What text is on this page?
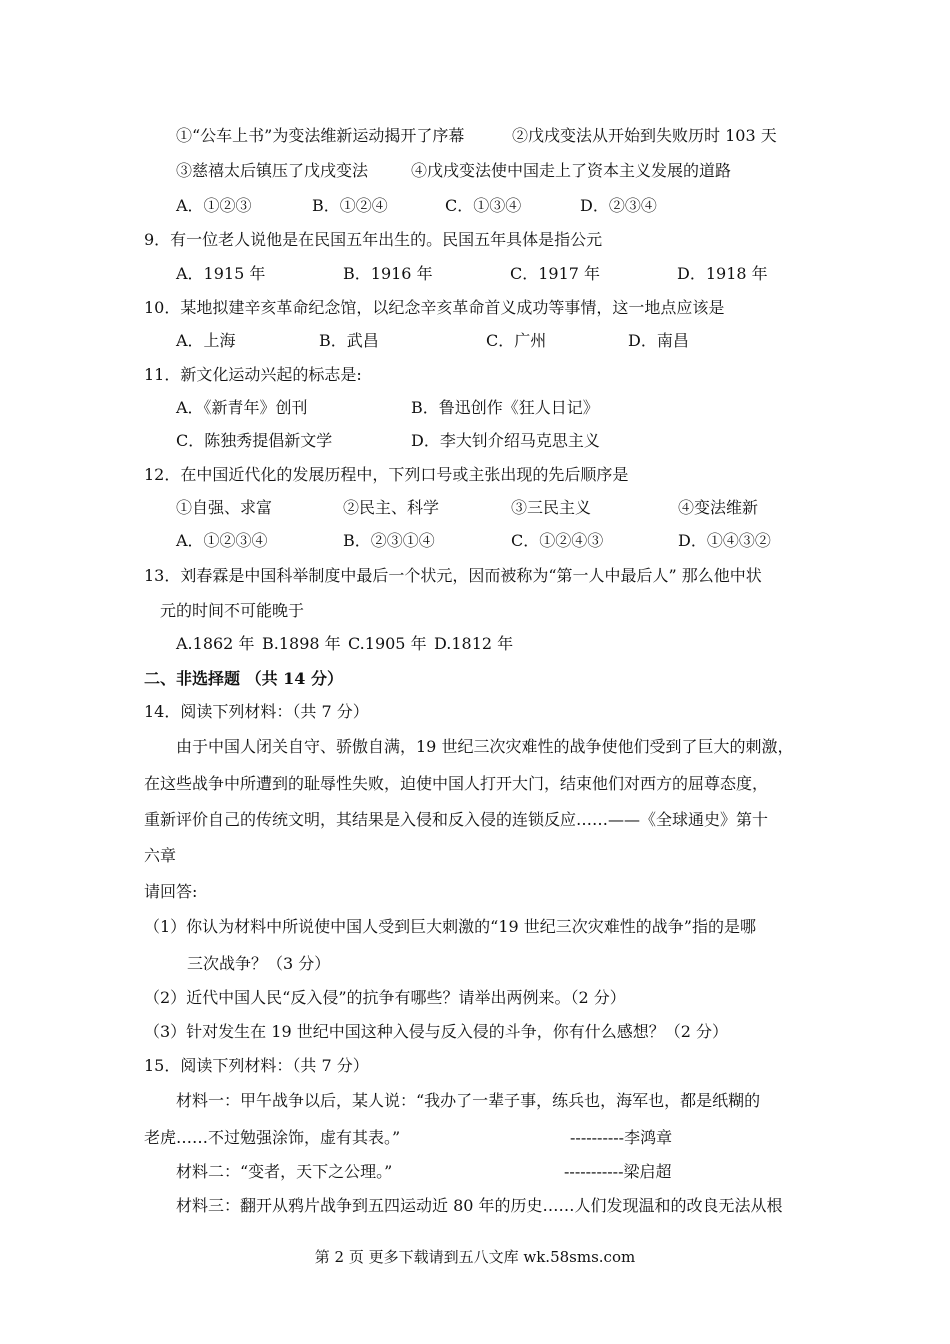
①“公车上书”为变法维新运动揭开了序幕	②戊戌变法从开始到失败历时 103 天
③慈禧太后镇压了戊戌变法	④戊戌变法使中国走上了资本主义发展的道路
A．①②③	B．①②④	C．①③④	D．②③④
9．有一位老人说他是在民国五年出生的。民国五年具体是指公元
A．1915 年	B．1916 年	C．1917 年	D．1918 年
10．某地拟建辛亥革命纪念馆，以纪念辛亥革命首义成功等事情，这一地点应该是
A．上海	B．武昌	C．广州	D．南昌
11．新文化运动兴起的标志是:
A．《新青年》创刊	B．鲁迅创作《狂人日记》
C．陈独秀提倡新文学	D．李大钊介绍马克思主义
12．在中国近代化的发展历程中，下列口号或主张出现的先后顺序是
①自强、求富	②民主、科学	③三民主义	④变法维新
A．①②③④	B．②③①④	C．①②④③	D．①④③②
13．刘春霖是中国科举制度中最后一个状元，因而被称为“第一人中最后人” 那么他中状
元的时间不可能晚于
A.1862 年 B.1898 年 C.1905 年 D.1812 年
二、非选择题 （共 14 分）
14．阅读下列材料：（共 7 分）
由于中国人闭关自守、骄傲自满，19 世纪三次灾难性的战争使他们受到了巨大的刺激，
在这些战争中所遭到的耻辱性失败，迫使中国人打开大门，结束他们对西方的屈尊态度，
重新评价自己的传统文明，其结果是入侵和反入侵的连锁反应……——《全球通史》第十
六章
请回答:
（1）你认为材料中所说使中国人受到巨大刺激的“19 世纪三次灾难性的战争”指的是哪
三次战争？（3 分）
（2）近代中国人民“反入侵”的抗争有哪些？请举出两例来。（2 分）
（3）针对发生在 19 世纪中国这种入侵与反入侵的斗争，你有什么感想？（2 分）
15．阅读下列材料：（共 7 分）
材料一：甲午战争以后，某人说：“我办了一辈子事，练兵也，海军也，都是纸糊的
老虎……不过勉强涂饰，虚有其表。”	----------李鸿章
材料二：“变者，天下之公理。”	-----------梁启超
材料三：翻开从鸦片战争到五四运动近 80 年的历史……人们发现温和的改良无法从根
第 2 页 更多下载请到五八文库 wk.58sms.com
